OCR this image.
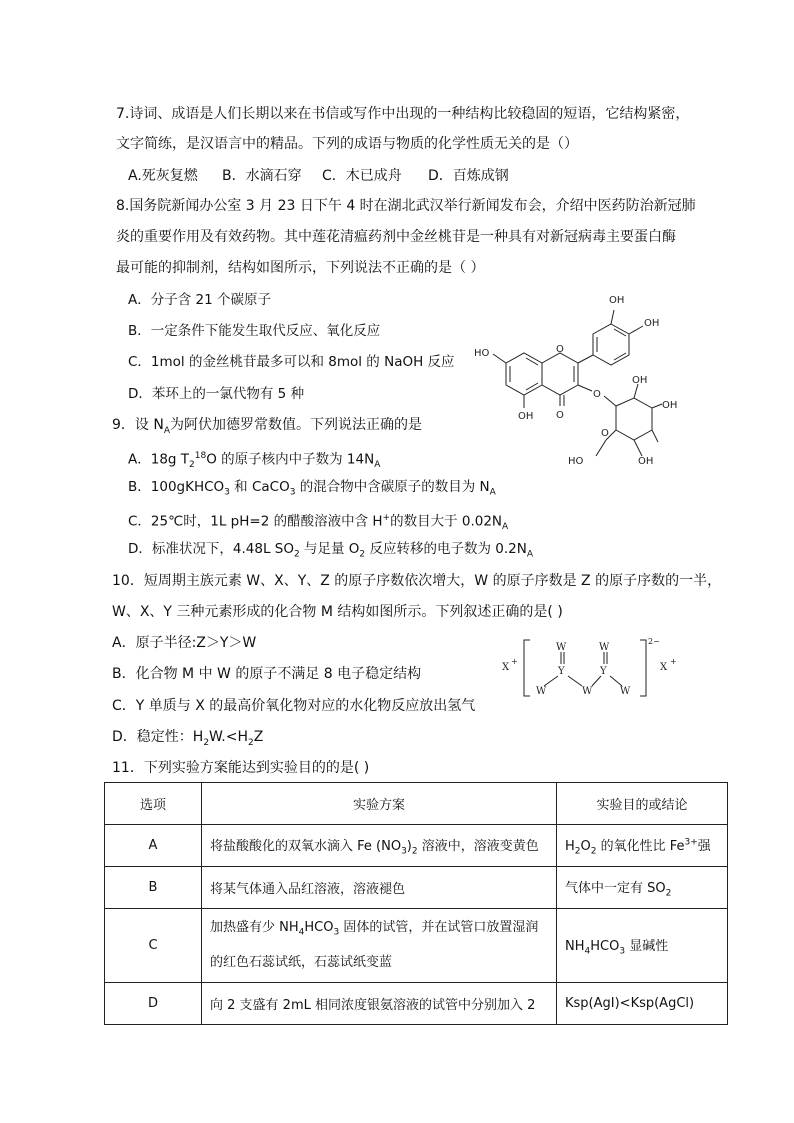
7.诗词、成语是人们长期以来在书信或写作中出现的一种结构比较稳固的短语，它结构紧密，
文字简练，是汉语言中的精品。下列的成语与物质的化学性质无关的是（）
A.死灰复燃 B．水滴石穿 C．木已成舟 D．百炼成钢
8.国务院新闻办公室 3 月 23 日下午 4 时在湖北武汉举行新闻发布会，介绍中医药防治新冠肺
炎的重要作用及有效药物。其中莲花清瘟药剂中金丝桃苷是一种具有对新冠病毒主要蛋白酶
最可能的抑制剂，结构如图所示，下列说法不正确的是（ ）
A．分子含 21 个碳原子
B．一定条件下能发生取代反应、氧化反应
C．1mol 的金丝桃苷最多可以和 8mol 的 NaOH 反应
D．苯环上的一氯代物有 5 种
OH
OH
HO	O
O
OH O
OH
O
OH
HO	OH
9．设 $N_A$为阿伏加德罗常数值。下列说法正确的是
A．18g $T_2^{18}O$ 的原子核内中子数为 $14N_A$
B．100gKHCO$_3$ 和 CaCO$_3$ 的混合物中含碳原子的数目为 $N_A$
C．25℃时，1L pH=2 的醋酸溶液中含 H+的数目大于 $0.02N_A$
D．标准状况下，4.48L $SO_2$ 与足量 $O_2$ 反应转移的电子数为 $0.2N_A$
10．短周期主族元素 W、X、Y、Z 的原子序数依次增大，W 的原子序数是 Z 的原子序数的一半，
W、X、Y 三种元素形成的化合物 M 结构如图所示。下列叙述正确的是( )
A．原子半径:Z＞Y＞W
B．化合物 M 中 W 的原子不满足 8 电子稳定结构
C．Y 单质与 X 的最高价氧化物对应的水化物反应放出氢气
D．稳定性：$H_2W.<H_2Z$
X
+
W	W
Y	Y
W	W	W
2−
X
+
11．下列实验方案能达到实验目的的是( )
选项	实验方案	实验目的或结论
A	将盐酸酸化的双氧水滴入 Fe $(NO_3)_2$ 溶液中，溶液变黄色	$H_2O_2$ 的氧化性比 $Fe^{3+}$强
B	将某气体通入品红溶液，溶液褪色	气体中一定有 $SO_2$
C	加热盛有少 $NH_4HCO_3$ 固体的试管，并在试管口放置湿润
的红色石蕊试纸，石蕊试纸变蓝	$NH_4HCO_3$ 显碱性
D	向 2 支盛有 2mL 相同浓度银氨溶液的试管中分别加入 2	Ksp(AgI)<Ksp(AgCl)
